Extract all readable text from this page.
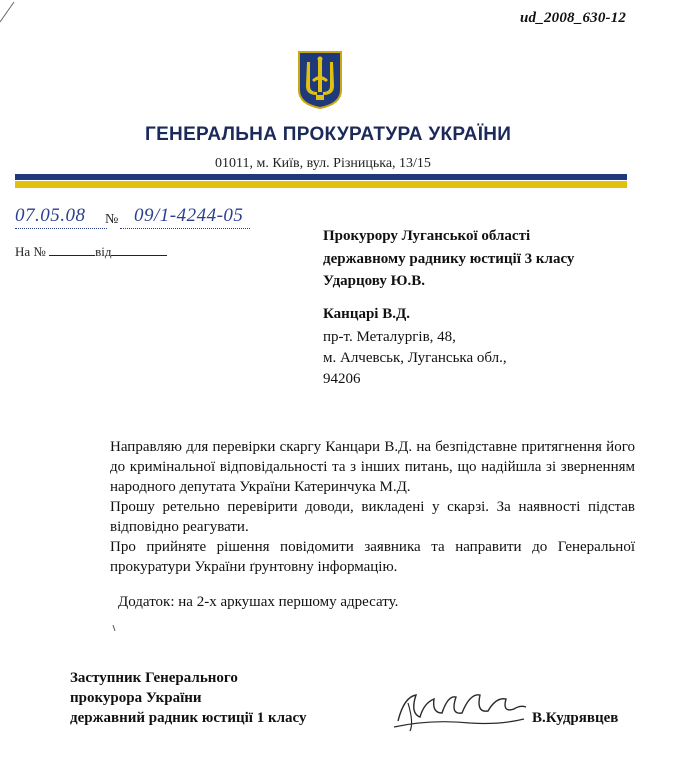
ud_2008_630-12
ГЕНЕРАЛЬНА ПРОКУРАТУРА УКРАЇНИ
01011, м. Київ, вул. Різницька, 13/15
07.05.08 № 09/1-4244-05
На №	від
Прокурору Луганської області
державному раднику юстиції 3 класу
Ударцову Ю.В.
Канцарі В.Д.
пр-т. Металургів, 48,
м. Алчевськ, Луганська обл.,
94206

Направляю для перевірки скаргу Канцари В.Д. на безпідставне притягнення його до кримінальної відповідальності та з інших питань, що надійшла зі зверненням народного депутата України Катеринчука М.Д.

Прошу ретельно перевірити доводи, викладені у скарзі. За наявності підстав відповідно реагувати.

Про прийняте рішення повідомити заявника та направити до Генеральної прокуратури України ґрунтовну інформацію.

Додаток: на 2-х аркушах першому адресату.
Заступник Генерального
прокурора України
державний радник юстиції 1 класу	В.Кудрявцев
